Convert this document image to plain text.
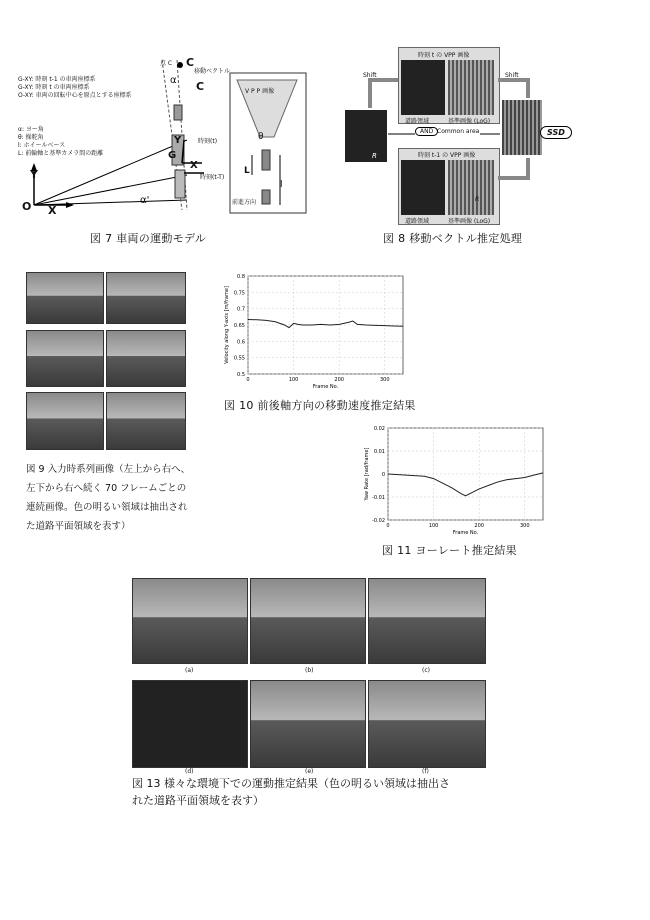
点 C C
移動ベクトル
C
α
α'
V P P 画像
時刻(t)
時刻(t-T)
前進方向
G
X
Y
O X
Y	L
l
θ
G-XY: 時刻 t-1 の車両座標系
G-XY: 時刻 t の車両座標系
O-XY: 車両の回転中心を原点とする座標系
α: ヨー角
θ: 操舵角
l: ホイールベース
L: 前輪軸と基準カメラ間の距離
図 7 車両の運動モデル
時刻 t の VPP 画像
道路領域	基準画像 (LoG)
時刻 t-1 の VPP 画像
道路領域	基準画像 (LoG)
R
SSD
AND Common area
R
Shift	Shift
図 8 移動ベクトル推定処理
図 9 入力時系列画像（左上から右へ、
左下から右へ続く 70 フレームごとの
連続画像。色の明るい領域は抽出され
た道路平面領域を表す）
0.8
0.75
0.7
0.65
0.6
0.55
0.5
0	100	200	300
Frame No.
Velocity along Y-axis [m/frame]
図 10 前後軸方向の移動速度推定結果
0.02
0.01
0
-0.01
-0.02
0	100	200	300
Frame No.
Yaw Rate [rad/frame]
図 11 ヨーレート推定結果
(a)	(b)	(c)
(d)	(e)	(f)
図 13 様々な環境下での運動推定結果（色の明るい領域は抽出さ
れた道路平面領域を表す）
